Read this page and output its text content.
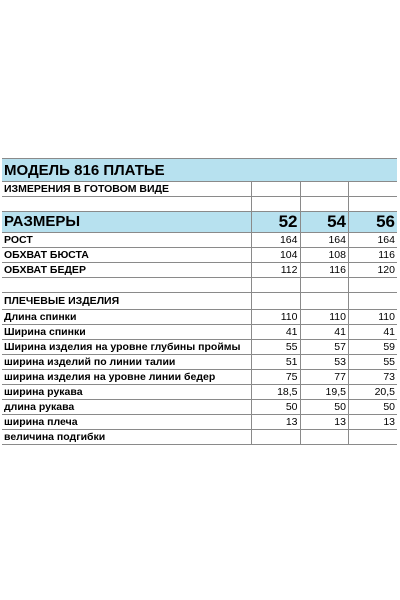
МОДЕЛЬ 816 ПЛАТЬЕ
ИЗМЕРЕНИЯ В ГОТОВОМ ВИДЕ			

РАЗМЕРЫ	52	54	56
РОСТ	164	164	164
ОБХВАТ БЮСТА	104	108	116
ОБХВАТ БЕДЕР	112	116	120

ПЛЕЧЕВЫЕ ИЗДЕЛИЯ			
Длина спинки	110	110	110
Ширина спинки	41	41	41
Ширина изделия на уровне глубины проймы	55	57	59
ширина изделий по линии талии	51	53	55
ширина изделия на уровне линии бедер	75	77	73
ширина рукава	18,5	19,5	20,5
длина рукава	50	50	50
ширина плеча	13	13	13
величина подгибки			
